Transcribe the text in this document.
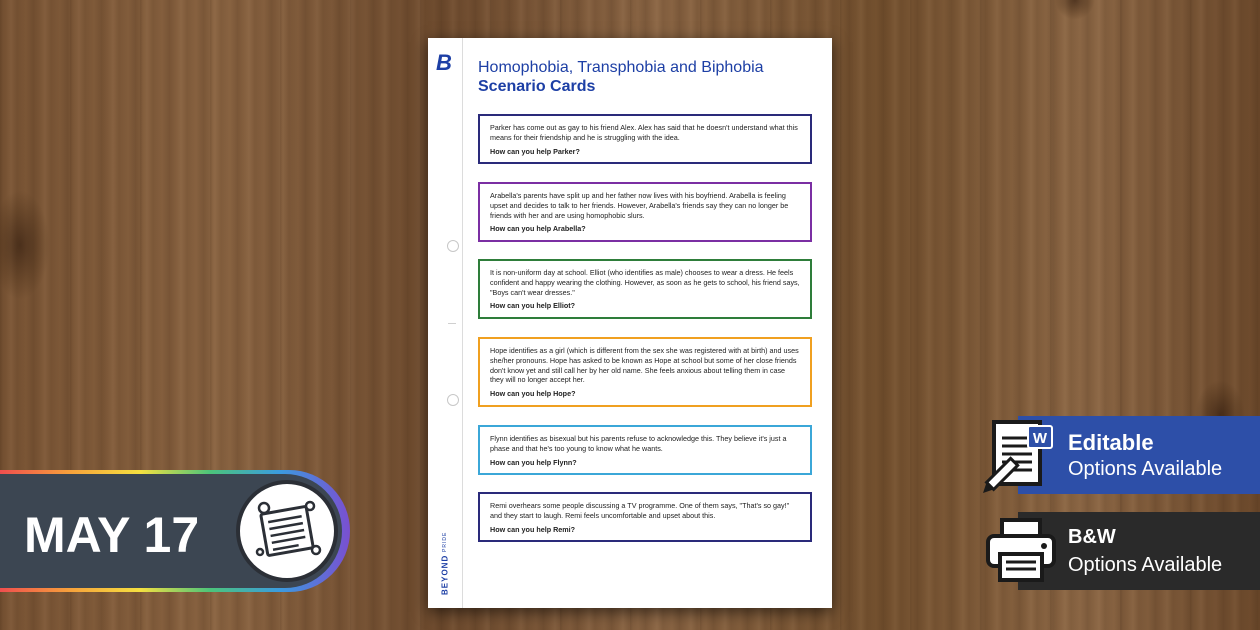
B
BEYOND
PRIDE
Homophobia, Transphobia and Biphobia
Scenario Cards
Parker has come out as gay to his friend Alex. Alex has said that he doesn't understand what this means for their friendship and he is struggling with the idea.
How can you help Parker?
Arabella's parents have split up and her father now lives with his boyfriend. Arabella is feeling upset and decides to talk to her friends. However, Arabella's friends say they can no longer be friends with her and are using homophobic slurs.
How can you help Arabella?
It is non-uniform day at school. Elliot (who identifies as male) chooses to wear a dress. He feels confident and happy wearing the clothing. However, as soon as he gets to school, his friend says, "Boys can't wear dresses."
How can you help Elliot?
Hope identifies as a girl (which is different from the sex she was registered with at birth) and uses she/her pronouns. Hope has asked to be known as Hope at school but some of her close friends don't know yet and still call her by her old name. She feels anxious about telling them in case they will no longer accept her.
How can you help Hope?
Flynn identifies as bisexual but his parents refuse to acknowledge this. They believe it's just a phase and that he's too young to know what he wants.
How can you help Flynn?
Remi overhears some people discussing a TV programme. One of them says, "That's so gay!" and they start to laugh. Remi feels uncomfortable and upset about this.
How can you help Remi?
MAY 17
Editable
Options Available
W
B&W
Options Available
